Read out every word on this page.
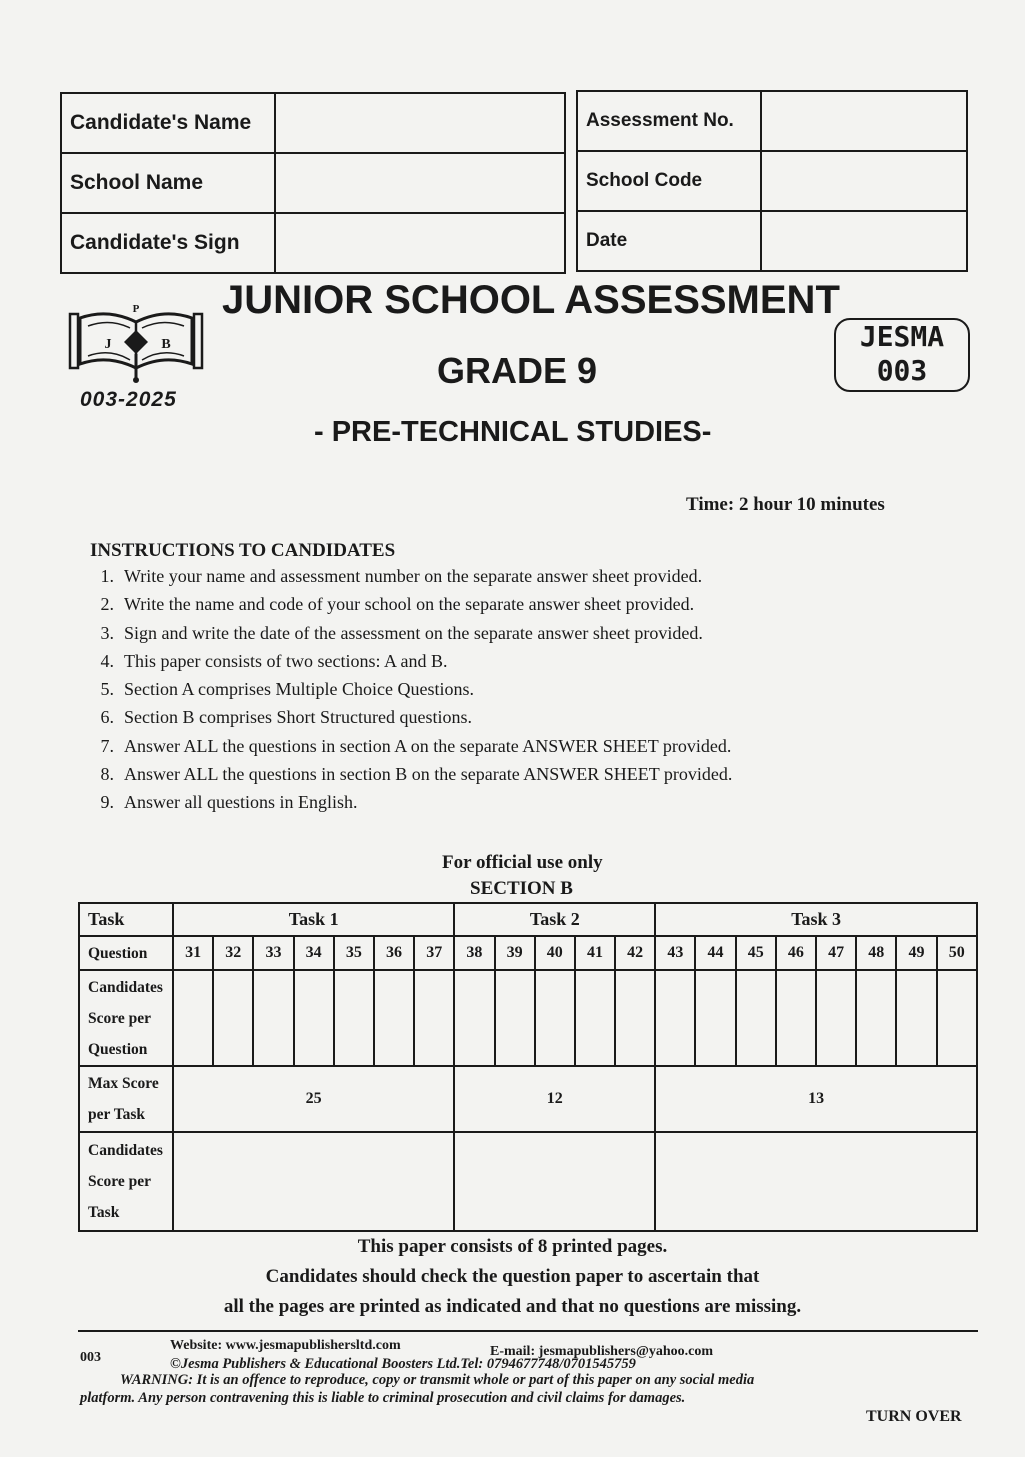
Candidate's Name	
School Name	
Candidate's Sign	
Assessment No.	
School Code	
Date	
J	B
P
003-2025
JUNIOR SCHOOL ASSESSMENT
GRADE 9
- PRE-TECHNICAL STUDIES-
JESMA
003
Time: 2 hour 10 minutes
INSTRUCTIONS TO CANDIDATES
1. Write your name and assessment number on the separate answer sheet provided.
2. Write the name and code of your school on the separate answer sheet provided.
3. Sign and write the date of the assessment on the separate answer sheet provided.
4. This paper consists of two sections: A and B.
5. Section A comprises Multiple Choice Questions.
6. Section B comprises Short Structured questions.
7. Answer ALL the questions in section A on the separate ANSWER SHEET provided.
8. Answer ALL the questions in section B on the separate ANSWER SHEET provided.
9. Answer all questions in English.
For official use only
SECTION B
Task	Task 1							Task 2					Task 3							
Question	31	32	33	34	35	36	37	38	39	40	41	42	43	44	45	46	47	48	49	50

Candidates
Score per
Question																				

Max Score
per Task	25							12					13							

Candidates
Score per
Task																				

This paper consists of 8 printed pages.
Candidates should check the question paper to ascertain that
all the pages are printed as indicated and that no questions are missing.
003
Website: www.jesmapublishersltd.com	E-mail: jesmapublishers@yahoo.com
©Jesma Publishers & Educational Boosters Ltd.Tel: 0794677748/0701545759
WARNING: It is an offence to reproduce, copy or transmit whole or part of this paper on any social media
platform. Any person contravening this is liable to criminal prosecution and civil claims for damages.
TURN OVER
